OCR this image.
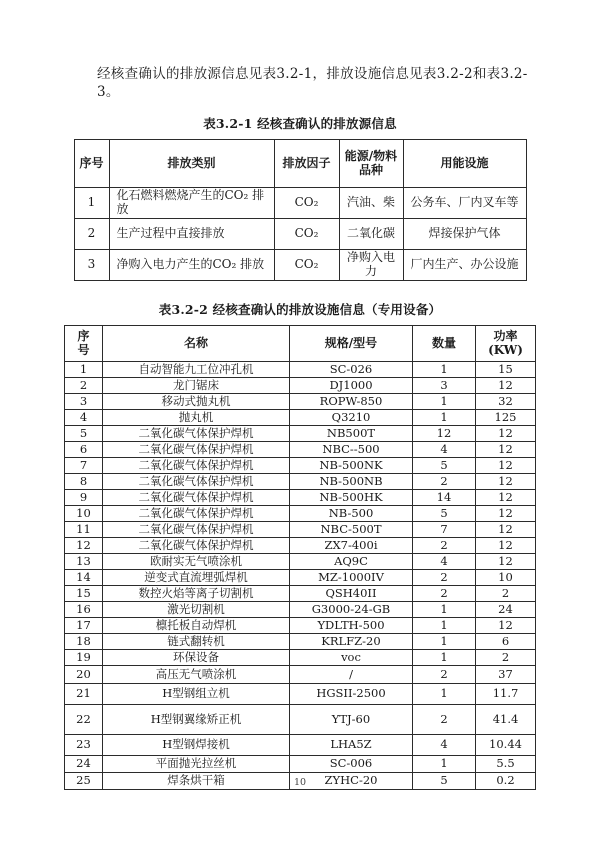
经核查确认的排放源信息见表3.2-1，排放设施信息见表3.2-2和表3.2-3。

表3.2-1 经核查确认的排放源信息
序号	排放类别	排放因子	能源/物料品种	用能设施
1	化石燃料燃烧产生的CO₂ 排放	CO₂	汽油、柴	公务车、厂内叉车等
2	生产过程中直接排放	CO₂	二氧化碳	焊接保护气体
3	净购入电力产生的CO₂ 排放	CO₂	净购入电力	厂内生产、办公设施
表3.2-2 经核查确认的排放设施信息（专用设备）
序号	名称	规格/型号	数量	功率 (KW)
1	自动智能九工位冲孔机	SC-026	1	15
2	龙门锯床	DJ1000	3	12
3	移动式抛丸机	ROPW-850	1	32
4	抛丸机	Q3210	1	125
5	二氧化碳气体保护焊机	NB500T	12	12
6	二氧化碳气体保护焊机	NBC--500	4	12
7	二氧化碳气体保护焊机	NB-500NK	5	12
8	二氧化碳气体保护焊机	NB-500NB	2	12
9	二氧化碳气体保护焊机	NB-500HK	14	12
10	二氧化碳气体保护焊机	NB-500	5	12
11	二氧化碳气体保护焊机	NBC-500T	7	12
12	二氧化碳气体保护焊机	ZX7-400i	2	12
13	欧耐实无气喷涂机	AQ9C	4	12
14	逆变式直流埋弧焊机	MZ-1000IV	2	10
15	数控火焰等离子切割机	QSH40II	2	2
16	激光切割机	G3000-24-GB	1	24
17	檩托板自动焊机	YDLTH-500	1	12
18	链式翻转机	KRLFZ-20	1	6
19	环保设备	voc	1	2
20	高压无气喷涂机	/	2	37
21	H型钢组立机	HGSII-2500	1	11.7
22	H型钢翼缘矫正机	YTJ-60	2	41.4
23	H型钢焊接机	LHA5Z	4	10.44
24	平面抛光拉丝机	SC-006	1	5.5
25	焊条烘干箱	ZYHC-20	5	0.2
10
